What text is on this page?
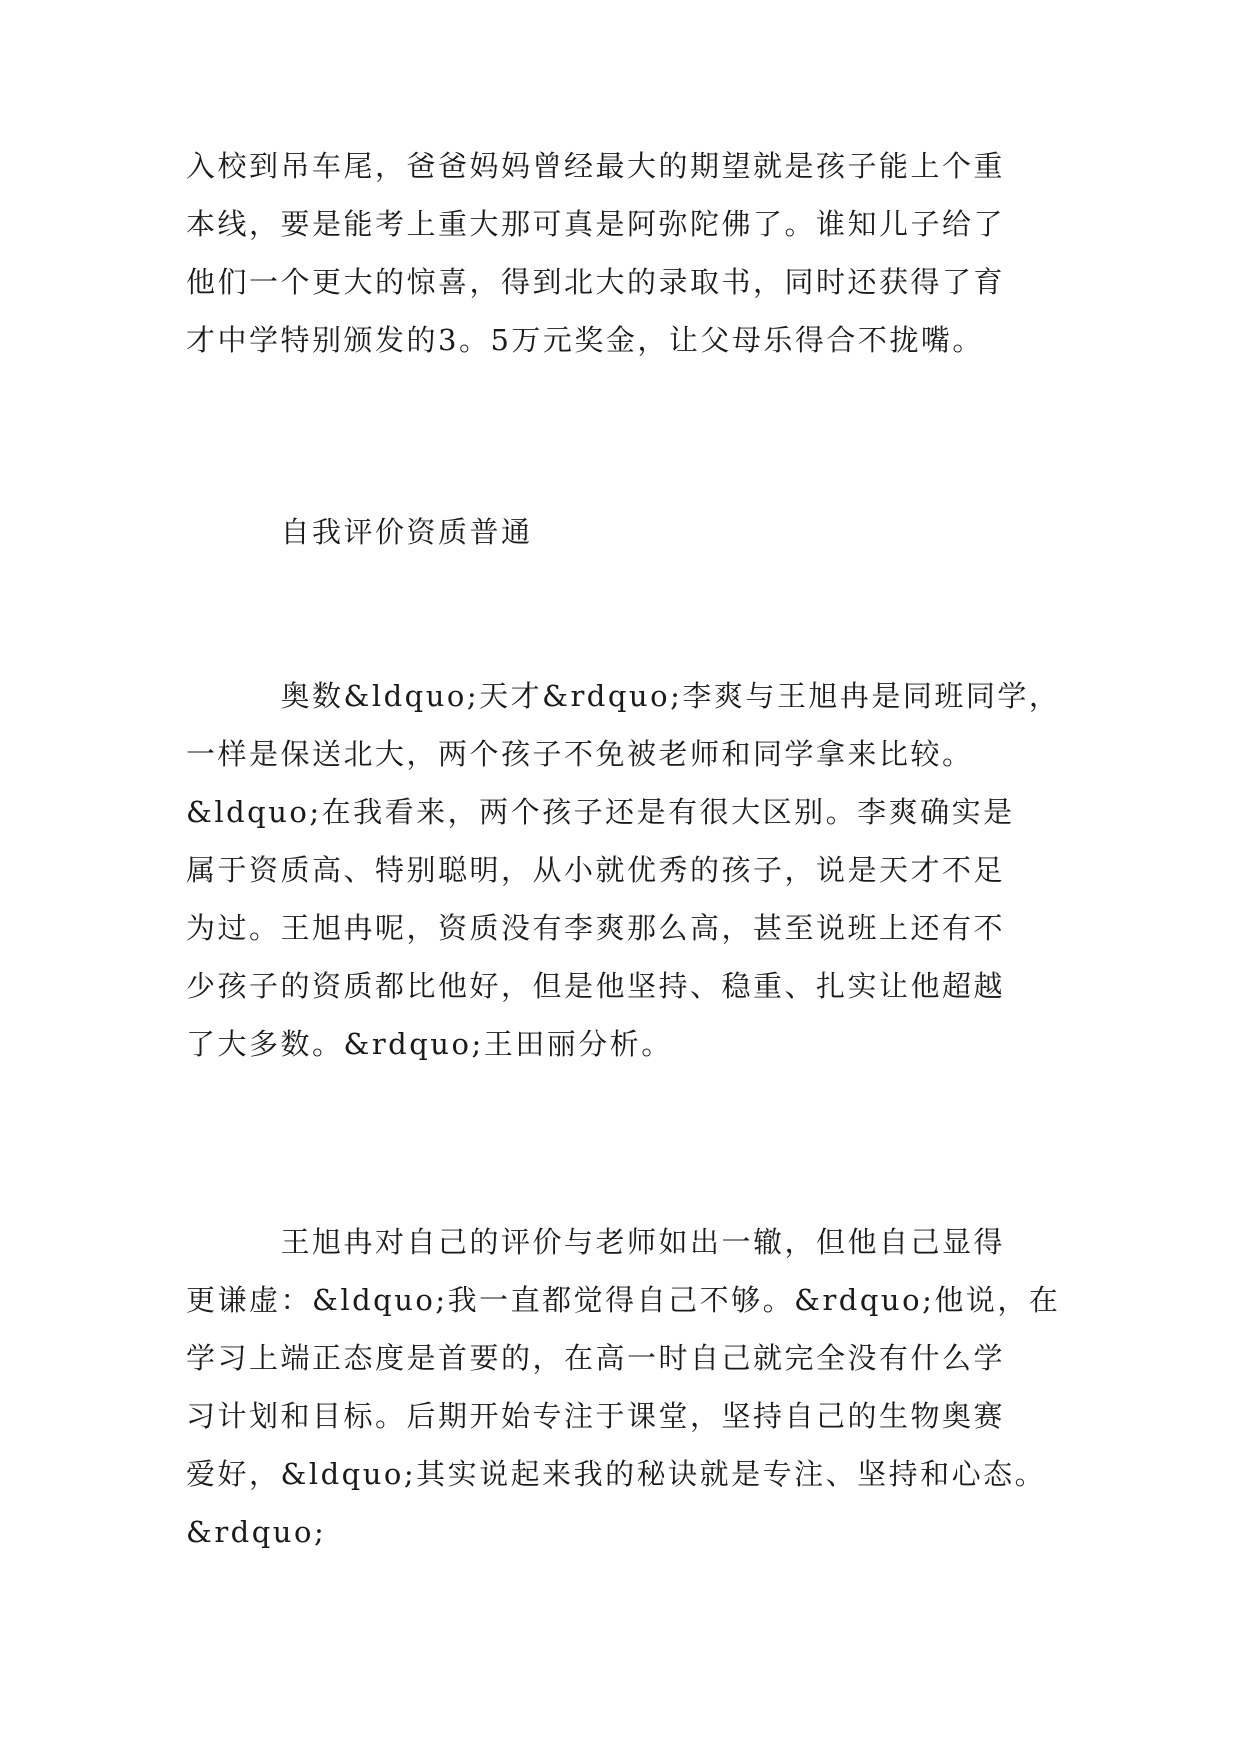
入校到吊车尾，爸爸妈妈曾经最大的期望就是孩子能上个重
本线，要是能考上重大那可真是阿弥陀佛了。谁知儿子给了
他们一个更大的惊喜，得到北大的录取书，同时还获得了育
才中学特别颁发的3。5万元奖金，让父母乐得合不拢嘴。
　　　自我评价资质普通
　　　奥数&ldquo;天才&rdquo;李爽与王旭冉是同班同学，
一样是保送北大，两个孩子不免被老师和同学拿来比较。
&ldquo;在我看来，两个孩子还是有很大区别。李爽确实是
属于资质高、特别聪明，从小就优秀的孩子，说是天才不足
为过。王旭冉呢，资质没有李爽那么高，甚至说班上还有不
少孩子的资质都比他好，但是他坚持、稳重、扎实让他超越
了大多数。&rdquo;王田丽分析。
　　　王旭冉对自己的评价与老师如出一辙，但他自己显得
更谦虚：&ldquo;我一直都觉得自己不够。&rdquo;他说，在
学习上端正态度是首要的，在高一时自己就完全没有什么学
习计划和目标。后期开始专注于课堂，坚持自己的生物奥赛
爱好，&ldquo;其实说起来我的秘诀就是专注、坚持和心态。
&rdquo;
